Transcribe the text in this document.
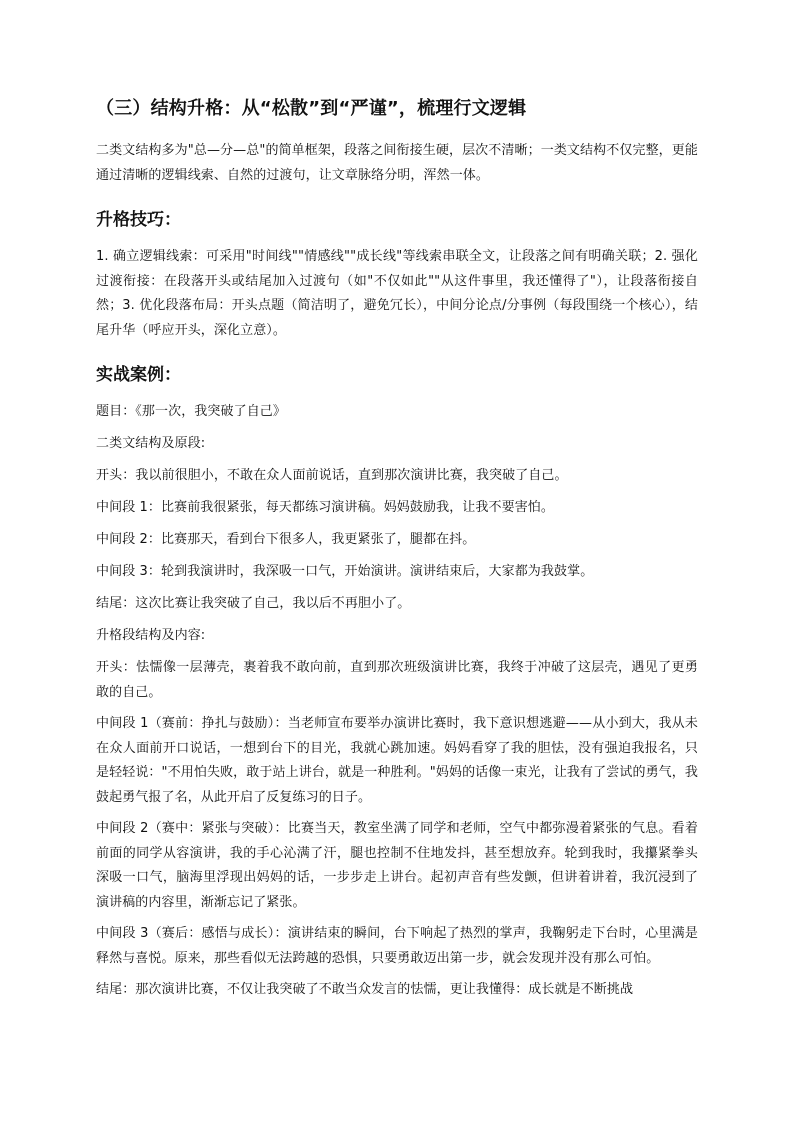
（三）结构升格：从“松散”到“严谨”，梳理行文逻辑

二类文结构多为"总—分—总"的简单框架，段落之间衔接生硬，层次不清晰；一类文结构不仅完整，更能通过清晰的逻辑线索、自然的过渡句，让文章脉络分明，浑然一体。

升格技巧：

1. 确立逻辑线索：可采用"时间线""情感线""成长线"等线索串联全文，让段落之间有明确关联；2. 强化过渡衔接：在段落开头或结尾加入过渡句（如"不仅如此""从这件事里，我还懂得了"），让段落衔接自然；3. 优化段落布局：开头点题（简洁明了，避免冗长），中间分论点/分事例（每段围绕一个核心），结尾升华（呼应开头，深化立意）。

实战案例：

题目：《那一次，我突破了自己》

二类文结构及原段:

开头：我以前很胆小，不敢在众人面前说话，直到那次演讲比赛，我突破了自己。

中间段 1：比赛前我很紧张，每天都练习演讲稿。妈妈鼓励我，让我不要害怕。

中间段 2：比赛那天，看到台下很多人，我更紧张了，腿都在抖。

中间段 3：轮到我演讲时，我深吸一口气，开始演讲。演讲结束后，大家都为我鼓掌。

结尾：这次比赛让我突破了自己，我以后不再胆小了。

升格段结构及内容:

开头：怯懦像一层薄壳，裹着我不敢向前，直到那次班级演讲比赛，我终于冲破了这层壳，遇见了更勇敢的自己。

中间段 1（赛前：挣扎与鼓励）：当老师宣布要举办演讲比赛时，我下意识想逃避——从小到大，我从未在众人面前开口说话，一想到台下的目光，我就心跳加速。妈妈看穿了我的胆怯，没有强迫我报名，只是轻轻说："不用怕失败，敢于站上讲台，就是一种胜利。"妈妈的话像一束光，让我有了尝试的勇气，我鼓起勇气报了名，从此开启了反复练习的日子。

中间段 2（赛中：紧张与突破）：比赛当天，教室坐满了同学和老师，空气中都弥漫着紧张的气息。看着前面的同学从容演讲，我的手心沁满了汗，腿也控制不住地发抖，甚至想放弃。轮到我时，我攥紧拳头深吸一口气，脑海里浮现出妈妈的话，一步步走上讲台。起初声音有些发颤，但讲着讲着，我沉浸到了演讲稿的内容里，渐渐忘记了紧张。

中间段 3（赛后：感悟与成长）：演讲结束的瞬间，台下响起了热烈的掌声，我鞠躬走下台时，心里满是释然与喜悦。原来，那些看似无法跨越的恐惧，只要勇敢迈出第一步，就会发现并没有那么可怕。

结尾：那次演讲比赛，不仅让我突破了不敢当众发言的怯懦，更让我懂得：成长就是不断挑战
